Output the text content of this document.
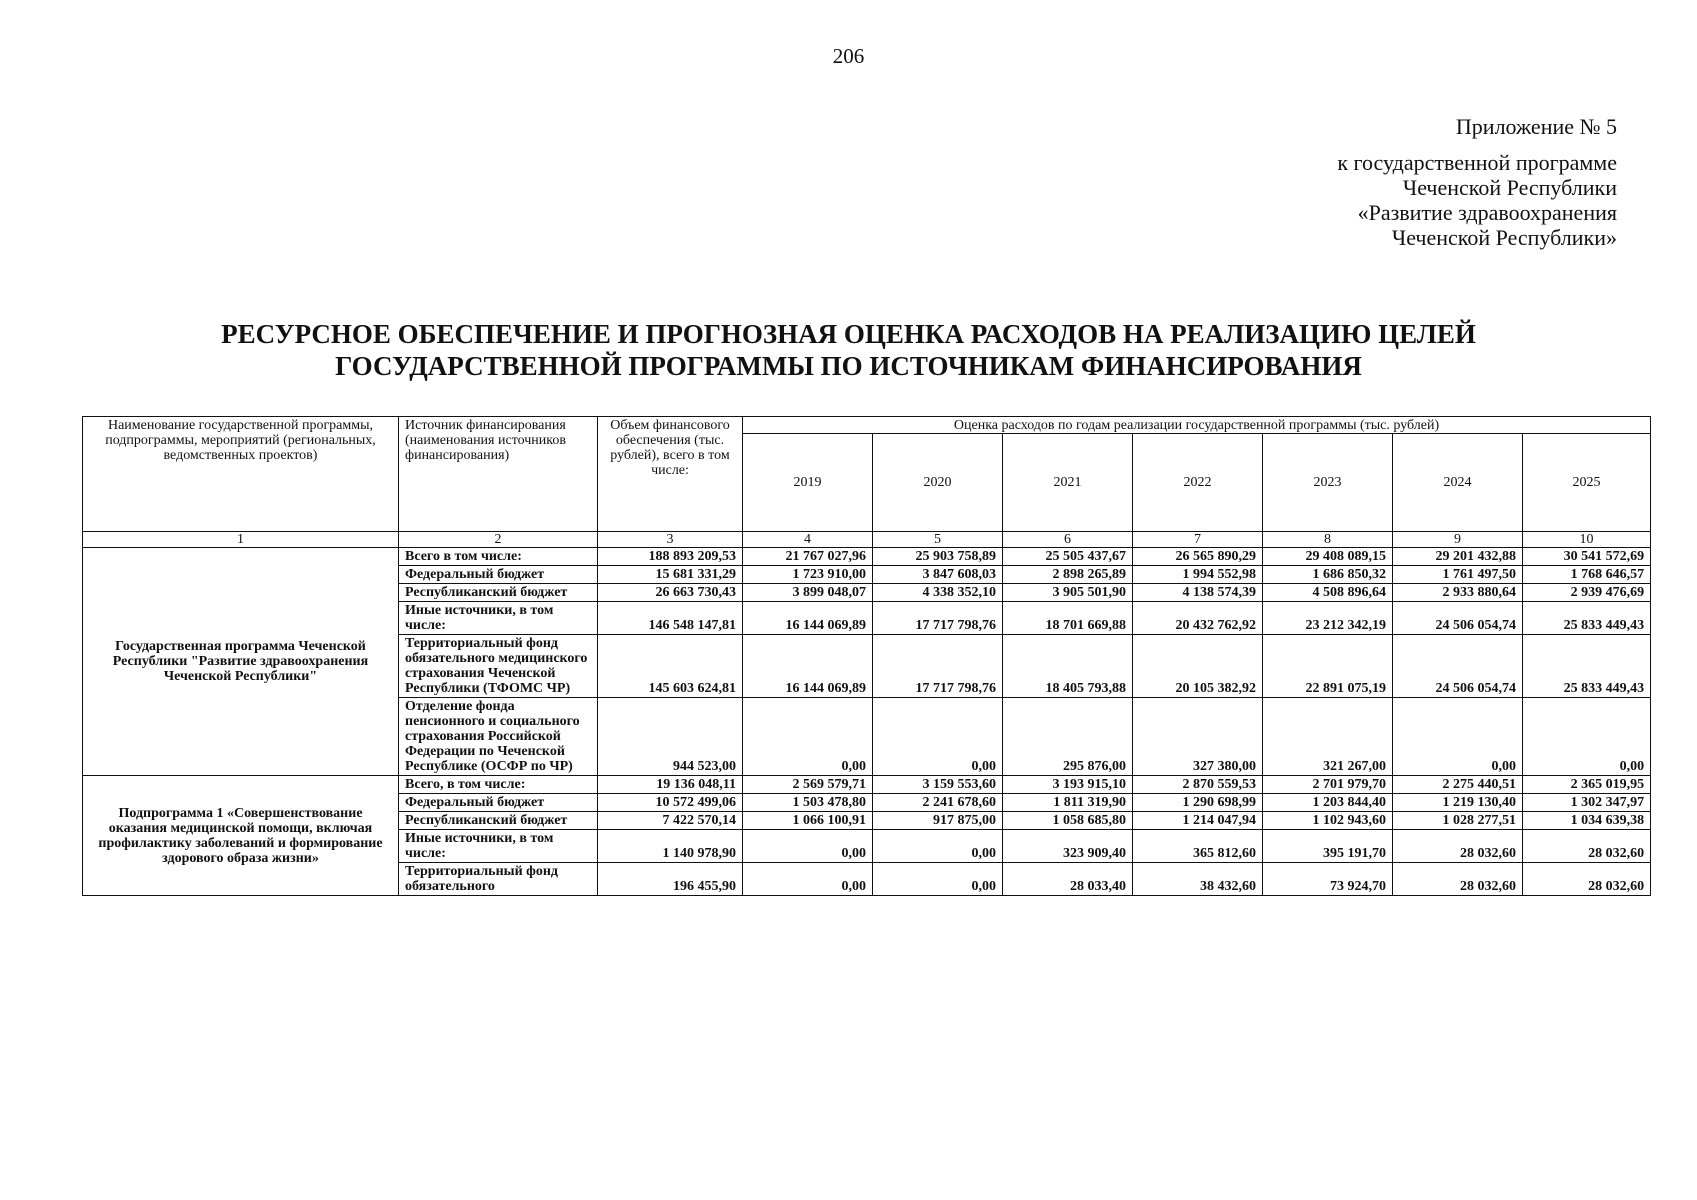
206
Приложение № 5
к государственной программе
Чеченской Республики
«Развитие здравоохранения
Чеченской Республики»
РЕСУРСНОЕ ОБЕСПЕЧЕНИЕ И ПРОГНОЗНАЯ ОЦЕНКА РАСХОДОВ НА РЕАЛИЗАЦИЮ ЦЕЛЕЙ
ГОСУДАРСТВЕННОЙ ПРОГРАММЫ ПО ИСТОЧНИКАМ ФИНАНСИРОВАНИЯ
Наименование государственной программы, подпрограммы, мероприятий (региональных, ведомственных проектов)	Источник финансирования (наименования источников финансирования)	Объем финансового обеспечения (тыс. рублей), всего в том числе:	Оценка расходов по годам реализации государственной программы (тыс. рублей)						
			2019	2020	2021	2022	2023	2024	2025
1	2	3	4	5	6	7	8	9	10
Государственная программа Чеченской Республики "Развитие здравоохранения Чеченской Республики"	Всего в том числе:	188 893 209,53	21 767 027,96	25 903 758,89	25 505 437,67	26 565 890,29	29 408 089,15	29 201 432,88	30 541 572,69
	Федеральный бюджет	15 681 331,29	1 723 910,00	3 847 608,03	2 898 265,89	1 994 552,98	1 686 850,32	1 761 497,50	1 768 646,57
	Республиканский бюджет	26 663 730,43	3 899 048,07	4 338 352,10	3 905 501,90	4 138 574,39	4 508 896,64	2 933 880,64	2 939 476,69
	Иные источники, в том числе:	146 548 147,81	16 144 069,89	17 717 798,76	18 701 669,88	20 432 762,92	23 212 342,19	24 506 054,74	25 833 449,43
	Территориальный фонд обязательного медицинского страхования Чеченской Республики (ТФОМС ЧР)	145 603 624,81	16 144 069,89	17 717 798,76	18 405 793,88	20 105 382,92	22 891 075,19	24 506 054,74	25 833 449,43
	Отделение фонда пенсионного и социального страхования Российской Федерации по Чеченской Республике (ОСФР по ЧР)	944 523,00	0,00	0,00	295 876,00	327 380,00	321 267,00	0,00	0,00
Подпрограмма 1 «Совершенствование оказания медицинской помощи, включая профилактику заболеваний и формирование здорового образа жизни»	Всего, в том числе:	19 136 048,11	2 569 579,71	3 159 553,60	3 193 915,10	2 870 559,53	2 701 979,70	2 275 440,51	2 365 019,95
	Федеральный бюджет	10 572 499,06	1 503 478,80	2 241 678,60	1 811 319,90	1 290 698,99	1 203 844,40	1 219 130,40	1 302 347,97
	Республиканский бюджет	7 422 570,14	1 066 100,91	917 875,00	1 058 685,80	1 214 047,94	1 102 943,60	1 028 277,51	1 034 639,38
	Иные источники, в том числе:	1 140 978,90	0,00	0,00	323 909,40	365 812,60	395 191,70	28 032,60	28 032,60
	Территориальный фонд обязательного	196 455,90	0,00	0,00	28 033,40	38 432,60	73 924,70	28 032,60	28 032,60
